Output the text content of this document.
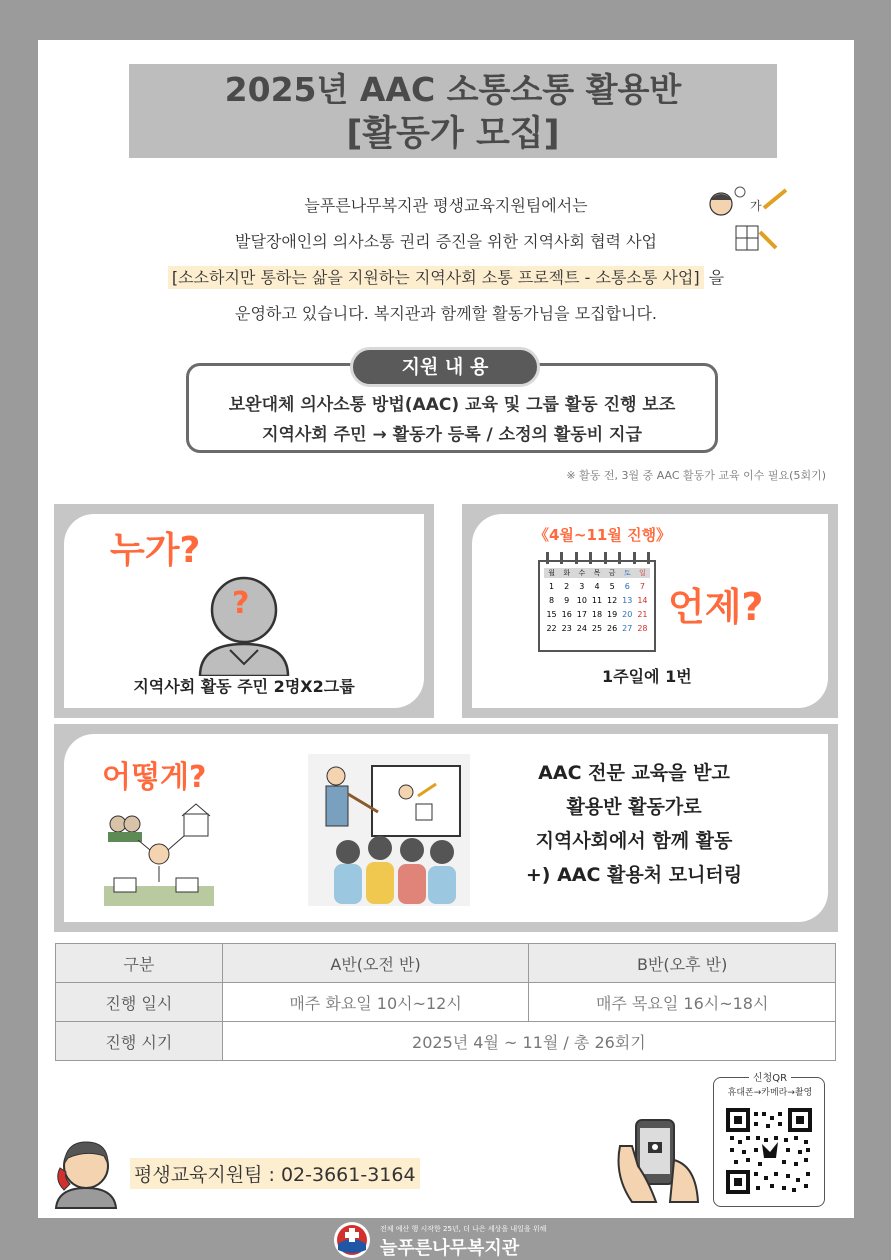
2025년 AAC 소통소통 활용반
[활동가 모집]
늘푸른나무복지관 평생교육지원팀에서는
발달장애인의 의사소통 권리 증진을 위한 지역사회 협력 사업
[소소하지만 통하는 삶을 지원하는 지역사회 소통 프로젝트 - 소통소통 사업] 을
운영하고 있습니다. 복지관과 함께할 활동가님을 모집합니다.
가
보완대체 의사소통 방법(AAC) 교육 및 그룹 활동 진행 보조
지역사회 주민 → 활동가 등록 / 소정의 활동비 지급
지원 내 용
※ 활동 전, 3월 중 AAC 활동가 교육 이수 필요(5회기)
누가?
?
지역사회 활동 주민 2명X2그룹
《4월~11월 진행》
월	화	수	목	금	토	일
1	2	3	4	5	6	7
8	9 10 11 12 13 14
15 16 17 18 19 20 21
22 23 24 25 26 27 28 언제?
1주일에 1번
어떻게?	AAC 전문 교육을 받고
활용반 활동가로
지역사회에서 함께 활동
+) AAC 활용처 모니터링
구분	A반(오전 반)	B반(오후 반)
진행 일시	매주 화요일 10시~12시	매주 목요일 16시~18시
진행 시기	2025년 4월 ~ 11월 / 총 26회기	
평생교육지원팀 : 02-3661-3164
신청QR
휴대폰→카메라→촬영
전체 예산 행 시작한 25년, 더 나은 세상을 내일을 위해
늘푸른나무복지관
